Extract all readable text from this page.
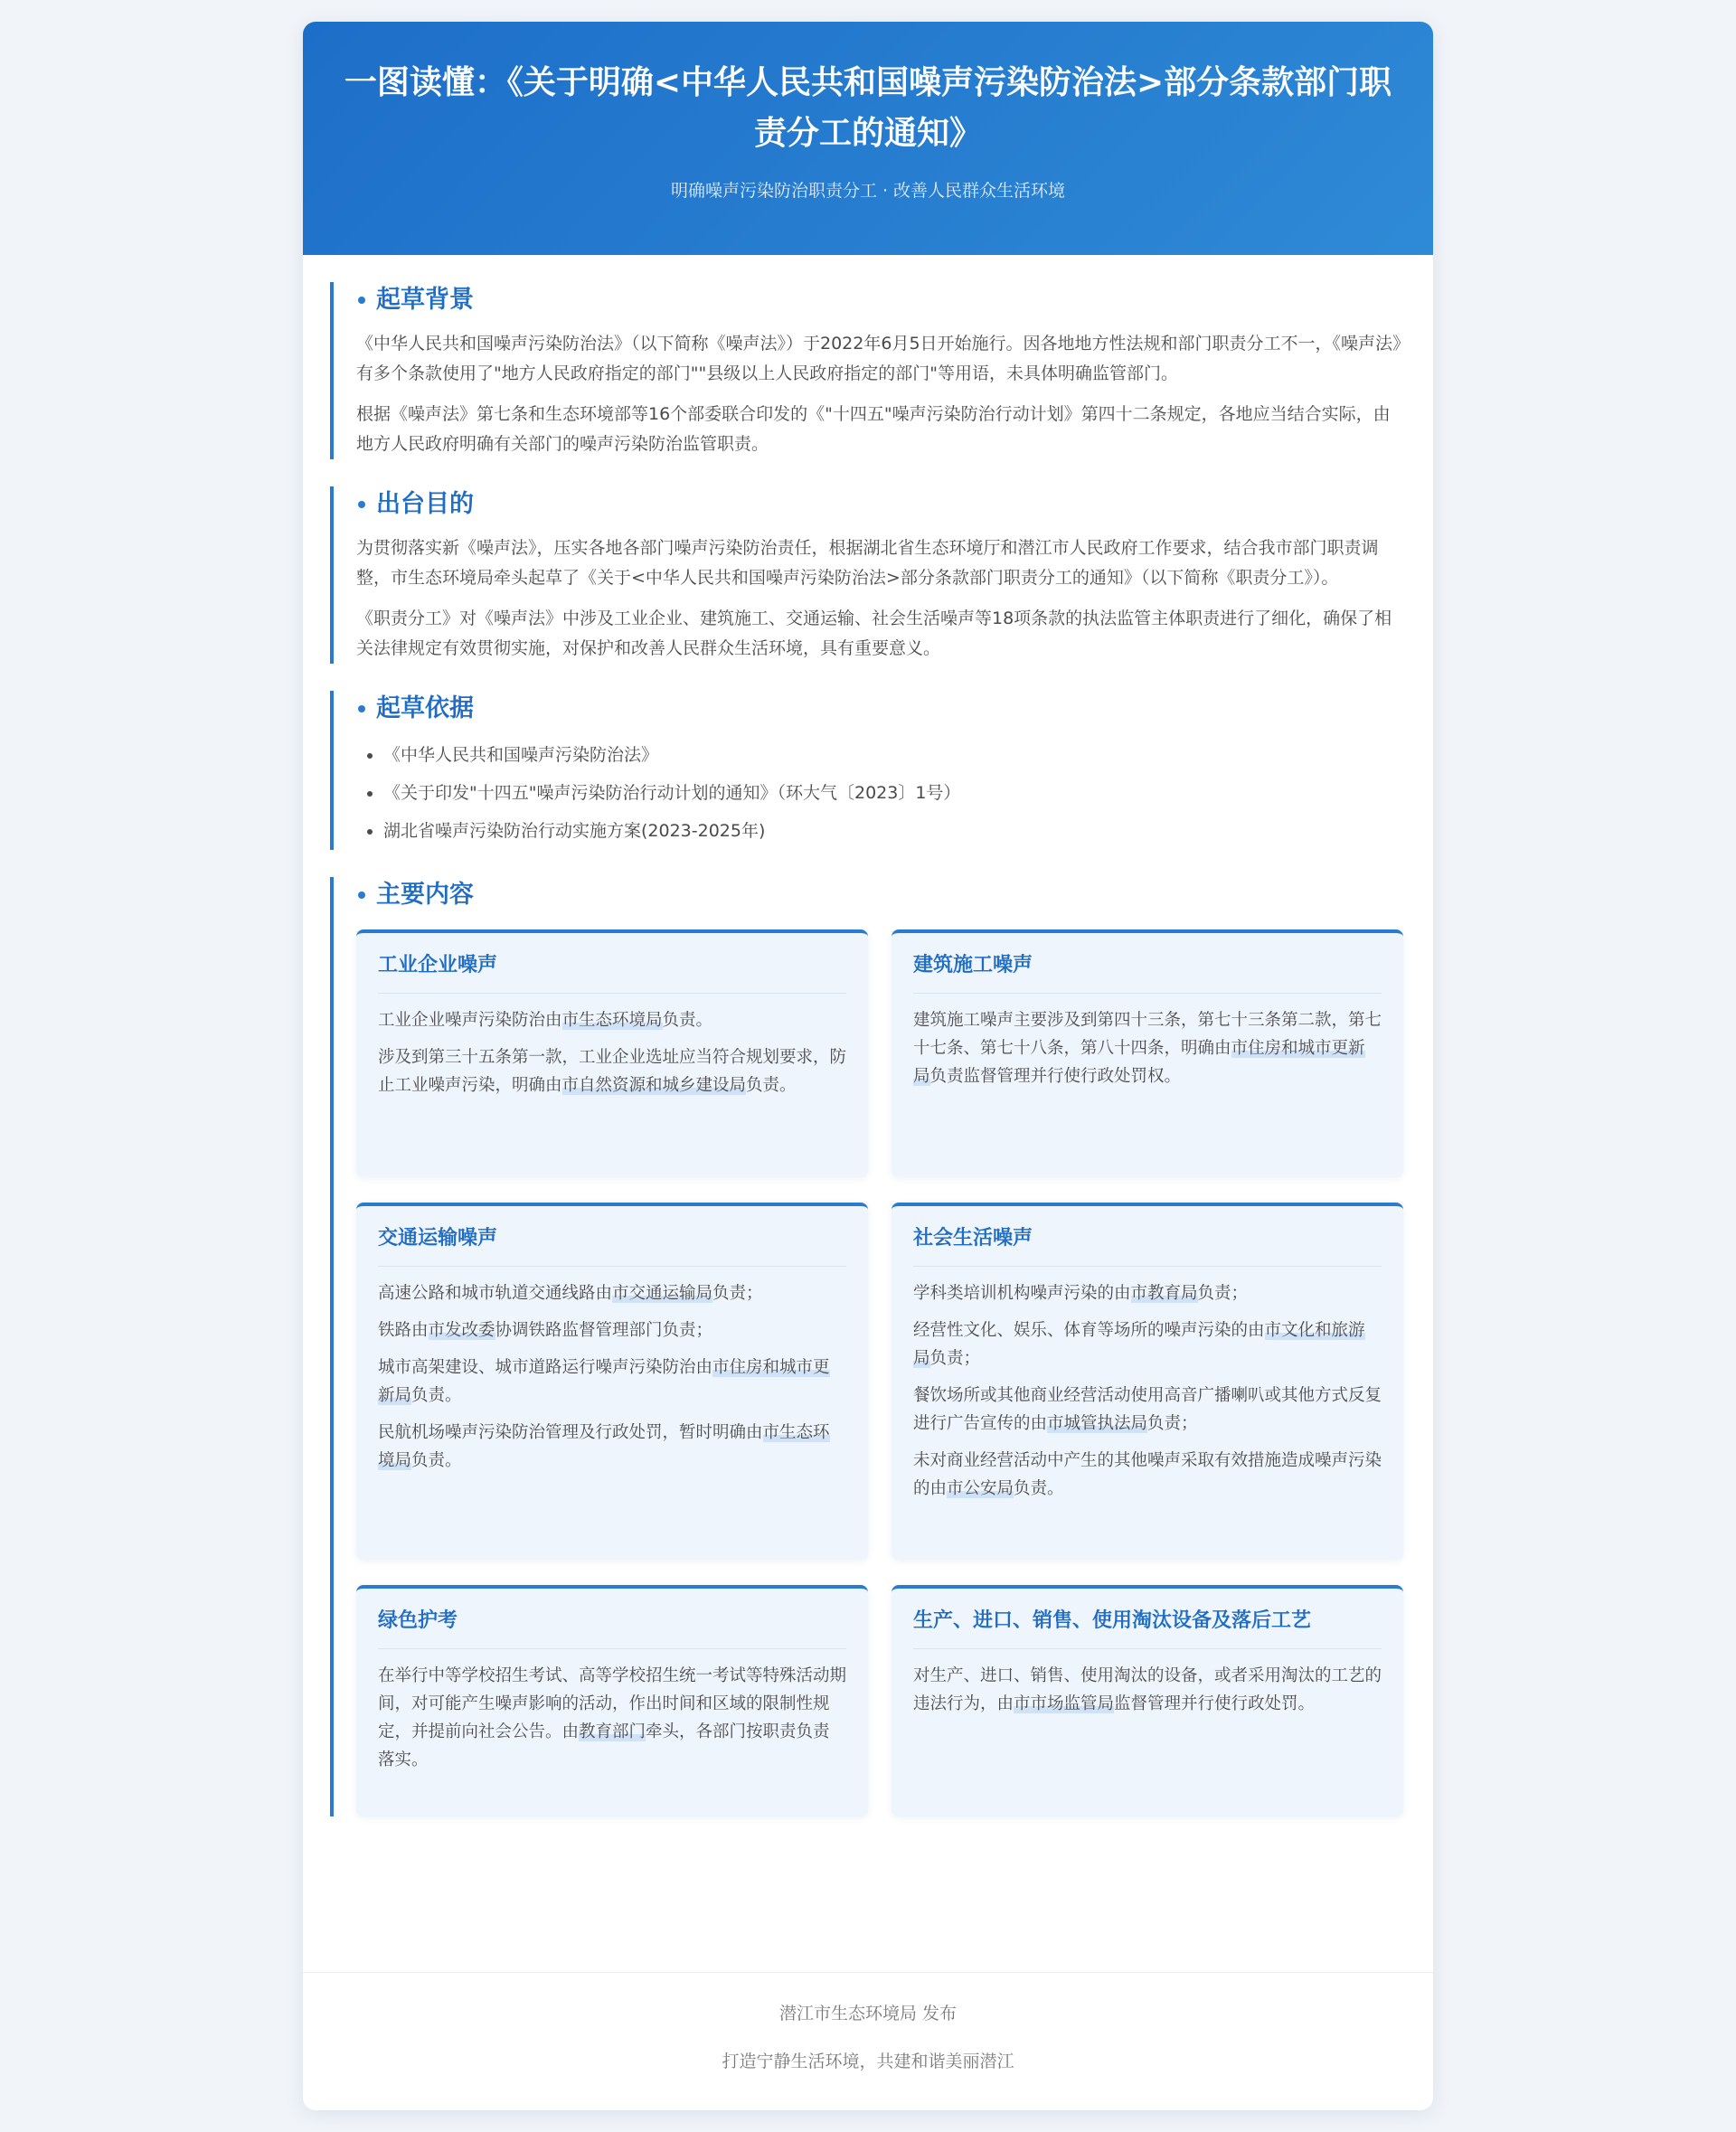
一图读懂：《关于明确<中华人民共和国噪声污染防治法>部分条款部门职责分工的通知》
明确噪声污染防治职责分工 · 改善人民群众生活环境
起草背景

《中华人民共和国噪声污染防治法》（以下简称《噪声法》）于2022年6月5日开始施行。因各地地方性法规和部门职责分工不一，《噪声法》有多个条款使用了"地方人民政府指定的部门""县级以上人民政府指定的部门"等用语，未具体明确监管部门。

根据《噪声法》第七条和生态环境部等16个部委联合印发的《"十四五"噪声污染防治行动计划》第四十二条规定，各地应当结合实际，由地方人民政府明确有关部门的噪声污染防治监管职责。

出台目的

为贯彻落实新《噪声法》，压实各地各部门噪声污染防治责任，根据湖北省生态环境厅和潜江市人民政府工作要求，结合我市部门职责调整，市生态环境局牵头起草了《关于<中华人民共和国噪声污染防治法>部分条款部门职责分工的通知》（以下简称《职责分工》）。

《职责分工》对《噪声法》中涉及工业企业、建筑施工、交通运输、社会生活噪声等18项条款的执法监管主体职责进行了细化，确保了相关法律规定有效贯彻实施，对保护和改善人民群众生活环境，具有重要意义。

起草依据
• 《中华人民共和国噪声污染防治法》
• 《关于印发"十四五"噪声污染防治行动计划的通知》（环大气〔2023〕1号）
• 湖北省噪声污染防治行动实施方案(2023-2025年)
主要内容
工业企业噪声

工业企业噪声污染防治由市生态环境局负责。

涉及到第三十五条第一款，工业企业选址应当符合规划要求，防止工业噪声污染，明确由市自然资源和城乡建设局负责。

建筑施工噪声

建筑施工噪声主要涉及到第四十三条，第七十三条第二款，第七十七条、第七十八条，第八十四条，明确由市住房和城市更新局负责监督管理并行使行政处罚权。

交通运输噪声

高速公路和城市轨道交通线路由市交通运输局负责；

铁路由市发改委协调铁路监督管理部门负责；

城市高架建设、城市道路运行噪声污染防治由市住房和城市更新局负责。

民航机场噪声污染防治管理及行政处罚，暂时明确由市生态环境局负责。

社会生活噪声

学科类培训机构噪声污染的由市教育局负责；

经营性文化、娱乐、体育等场所的噪声污染的由市文化和旅游局负责；

餐饮场所或其他商业经营活动使用高音广播喇叭或其他方式反复进行广告宣传的由市城管执法局负责；

未对商业经营活动中产生的其他噪声采取有效措施造成噪声污染的由市公安局负责。

绿色护考

在举行中等学校招生考试、高等学校招生统一考试等特殊活动期间，对可能产生噪声影响的活动，作出时间和区域的限制性规定，并提前向社会公告。由教育部门牵头，各部门按职责负责落实。

生产、进口、销售、使用淘汰设备及落后工艺

对生产、进口、销售、使用淘汰的设备，或者采用淘汰的工艺的违法行为，由市市场监管局监督管理并行使行政处罚。

潜江市生态环境局 发布
打造宁静生活环境，共建和谐美丽潜江
